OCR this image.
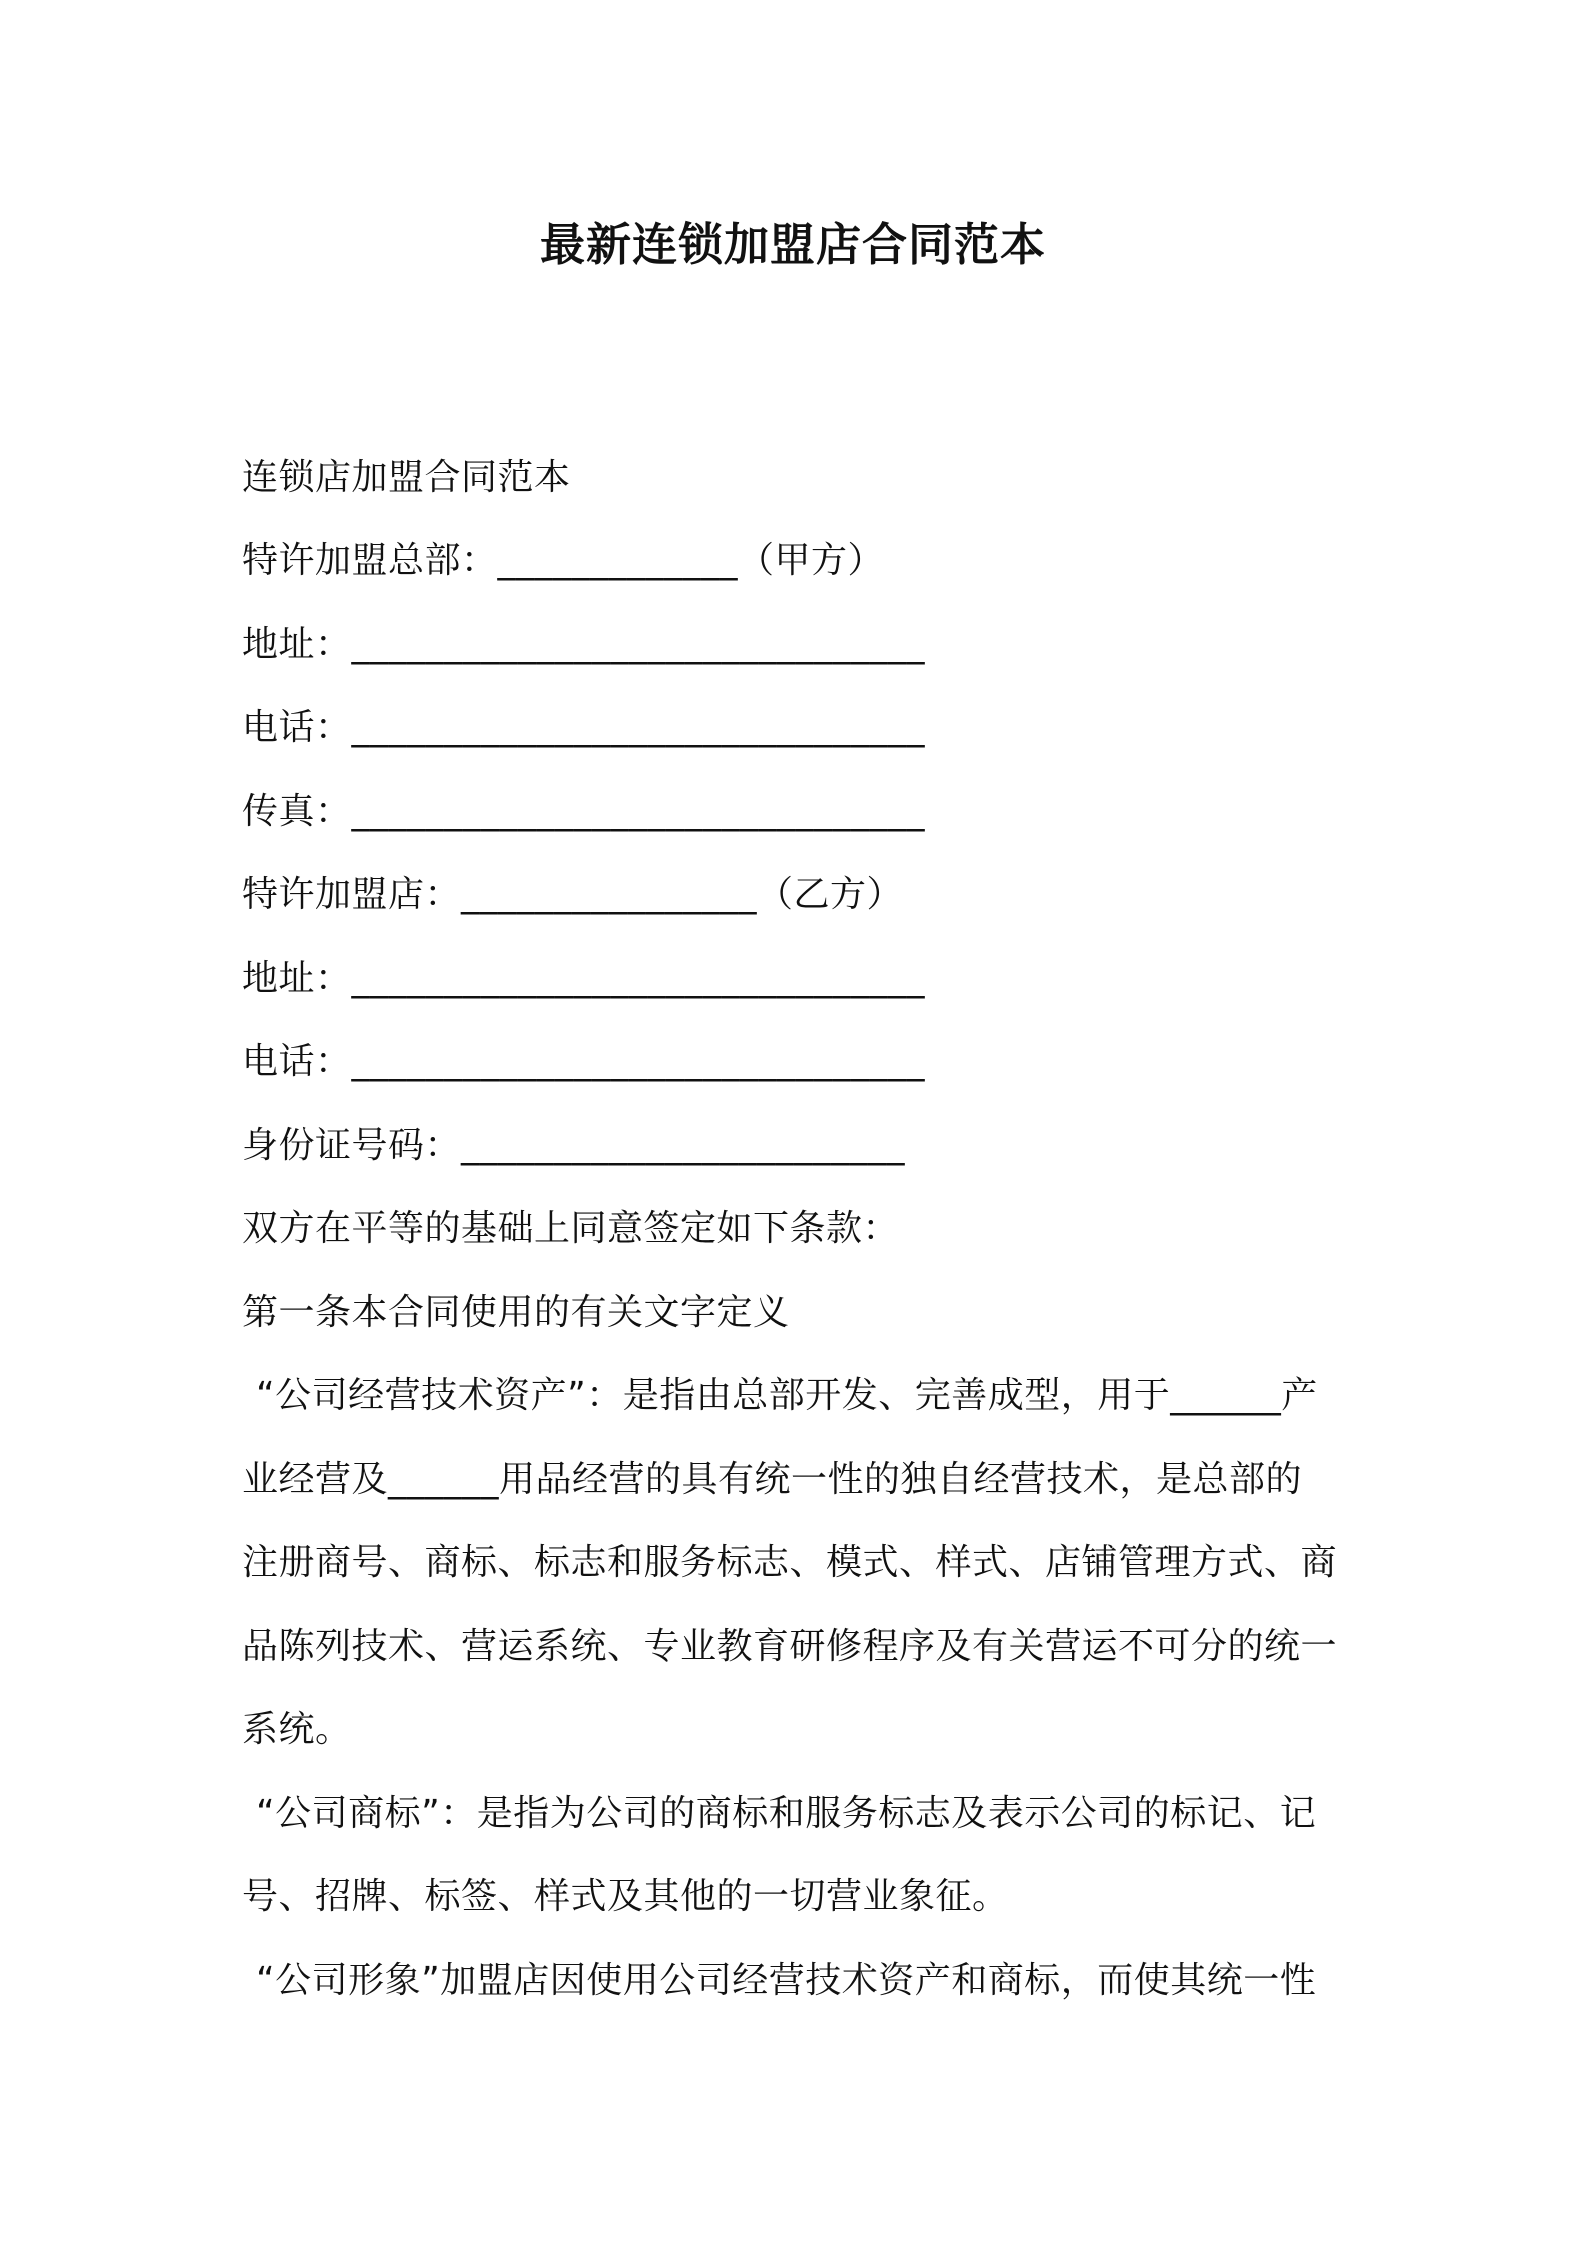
最新连锁加盟店合同范本
连锁店加盟合同范本
特许加盟总部：_____________（甲方）
地址：_______________________________
电话：_______________________________
传真：_______________________________
特许加盟店：________________（乙方）
地址：_______________________________
电话：_______________________________
身份证号码：________________________
双方在平等的基础上同意签定如下条款：
第一条本合同使用的有关文字定义
“公司经营技术资产”：是指由总部开发、完善成型，用于______产
业经营及______用品经营的具有统一性的独自经营技术，是总部的
注册商号、商标、标志和服务标志、模式、样式、店铺管理方式、商
品陈列技术、营运系统、专业教育研修程序及有关营运不可分的统一
系统。
“公司商标”：是指为公司的商标和服务标志及表示公司的标记、记
号、招牌、标签、样式及其他的一切营业象征。
“公司形象”加盟店因使用公司经营技术资产和商标，而使其统一性
